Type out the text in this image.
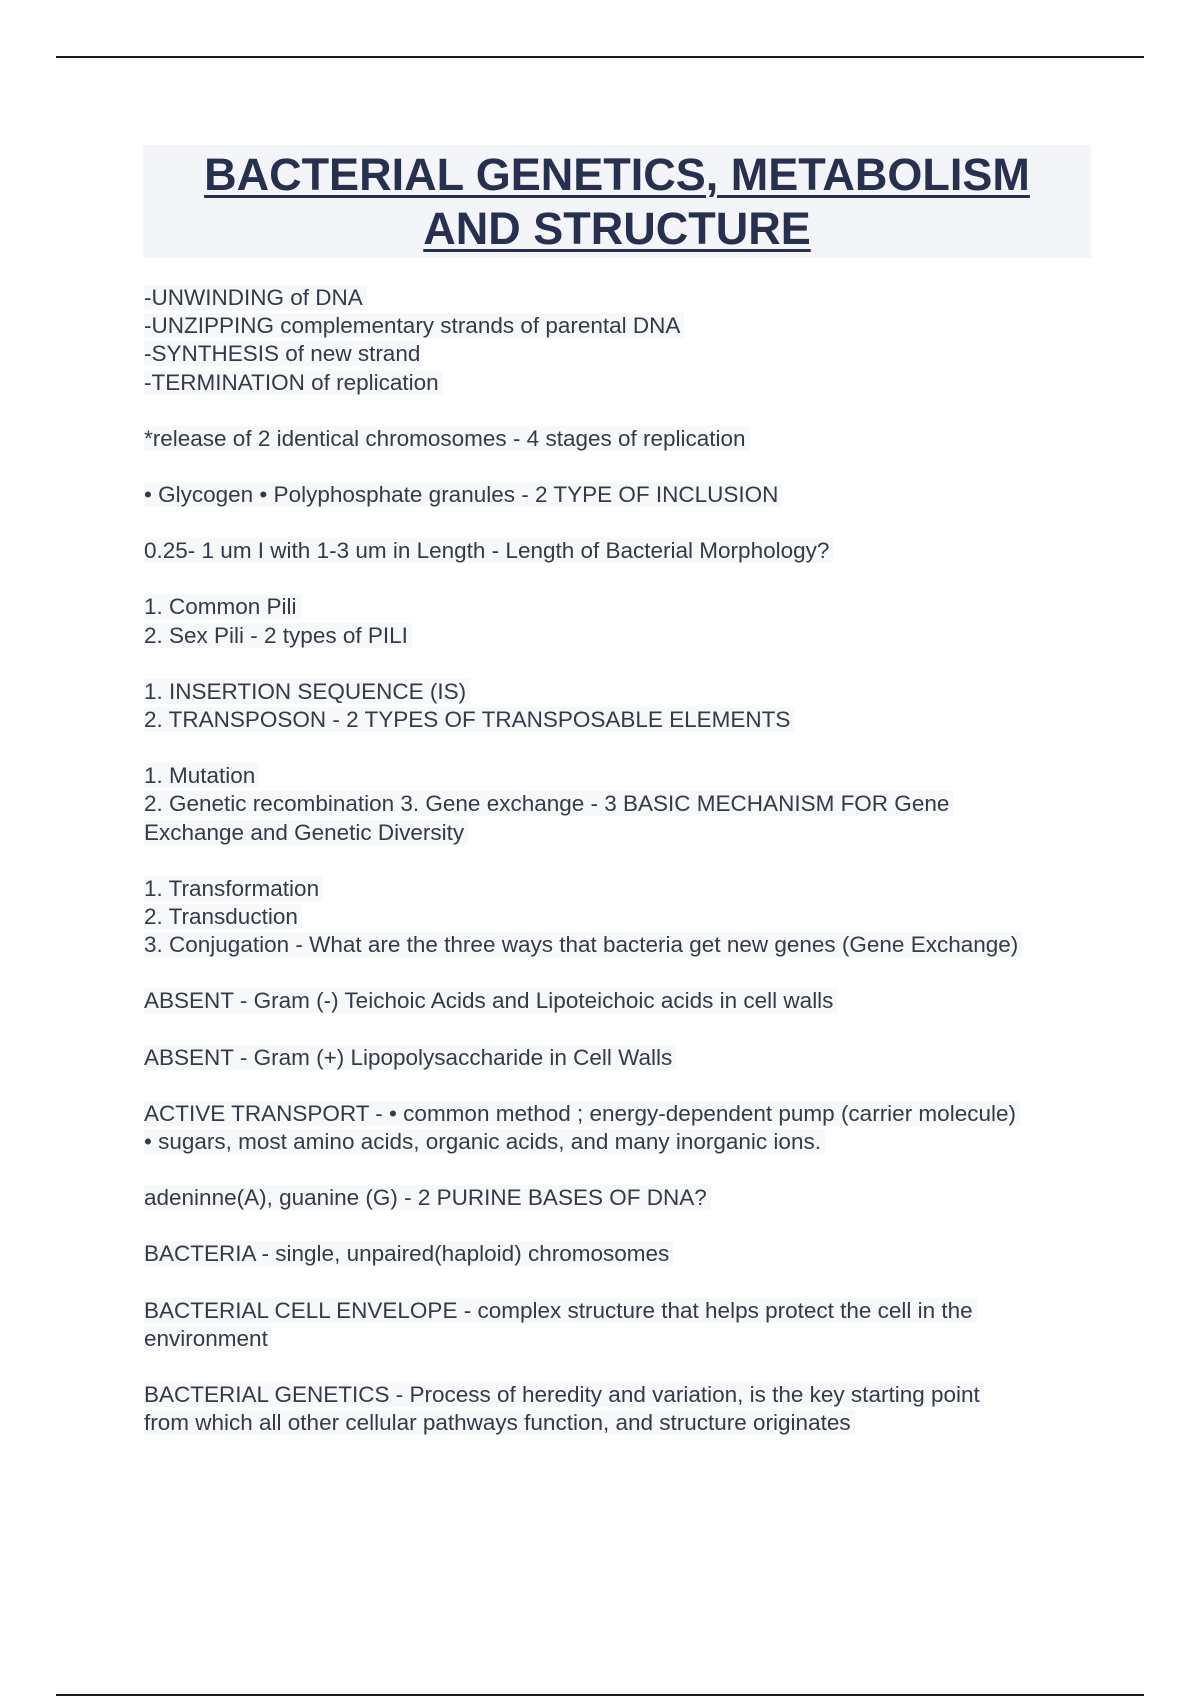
BACTERIAL GENETICS, METABOLISM
AND STRUCTURE
-UNWINDING of DNA
-UNZIPPING complementary strands of parental DNA
-SYNTHESIS of new strand
-TERMINATION of replication
*release of 2 identical chromosomes - 4 stages of replication
• Glycogen • Polyphosphate granules - 2 TYPE OF INCLUSION
0.25- 1 um I with 1-3 um in Length - Length of Bacterial Morphology?
1. Common Pili
2. Sex Pili - 2 types of PILI
1. INSERTION SEQUENCE (IS)
2. TRANSPOSON - 2 TYPES OF TRANSPOSABLE ELEMENTS
1. Mutation
2. Genetic recombination 3. Gene exchange - 3 BASIC MECHANISM FOR Gene
Exchange and Genetic Diversity
1. Transformation
2. Transduction
3. Conjugation - What are the three ways that bacteria get new genes (Gene Exchange)
ABSENT - Gram (-) Teichoic Acids and Lipoteichoic acids in cell walls
ABSENT - Gram (+) Lipopolysaccharide in Cell Walls
ACTIVE TRANSPORT - • common method ; energy-dependent pump (carrier molecule)
• sugars, most amino acids, organic acids, and many inorganic ions.
adeninne(A), guanine (G) - 2 PURINE BASES OF DNA?
BACTERIA - single, unpaired(haploid) chromosomes
BACTERIAL CELL ENVELOPE - complex structure that helps protect the cell in the
environment
BACTERIAL GENETICS - Process of heredity and variation, is the key starting point
from which all other cellular pathways function, and structure originates
